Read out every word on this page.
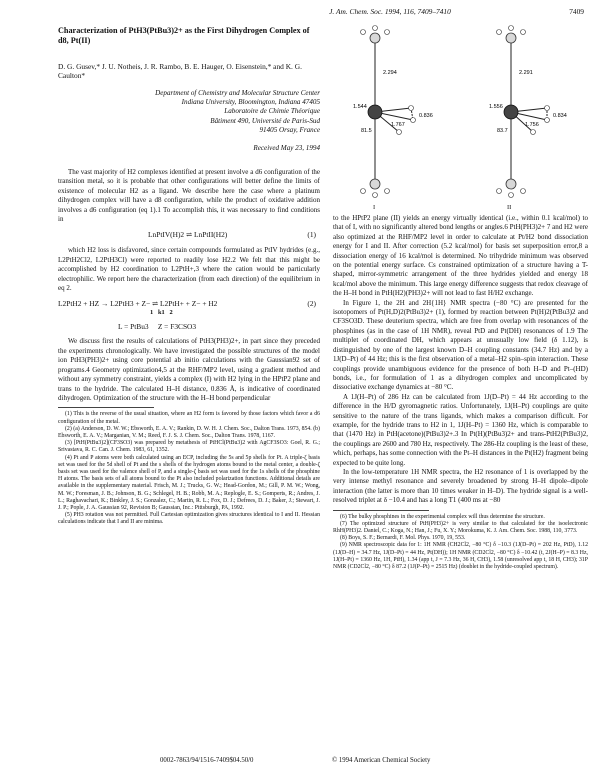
J. Am. Chem. Soc. 1994, 116, 7409–7410	7409
Characterization of PtH3(PtBu3)2+ as the First Dihydrogen Complex of d8, Pt(II)
D. G. Gusev,* J. U. Notheis, J. R. Rambo, B. E. Hauger, O. Eisenstein,* and K. G. Caulton*
Department of Chemistry and Molecular Structure Center
Indiana University, Bloomington, Indiana 47405
Laboratoire de Chimie Théorique
Bâtiment 490, Université de Paris-Sud
91405 Orsay, France
Received May 23, 1994

The vast majority of H2 complexes identified at present involve a d6 configuration of the transition metal, so it is probable that other configurations will better define the limits of existence of molecular H2 as a ligand. We describe here the case where a platinum dihydrogen complex will have a d8 configuration, while the product of oxidative addition involves a d6 configuration (eq 1).1 To accomplish this, it was necessary to find conditions in

LnPtIV(H)2 ⇌ LnPtII(H2)	(1)

which H2 loss is disfavored, since certain compounds formulated as PtIV hydrides (e.g., L2PtH2Cl2, L2PtH3Cl) were reported to readily lose H2.2 We felt that this might be accomplished by H2 coordination to L2PtH+,3 where the cation would be particularly electrophilic. We report here the characterization (from each direction) of the equilibrium in eq 2.

L2PtH2 + HZ → L2PtH3 + Z− ⇌ L2PtH+ + Z− + H2
1   k1   2
(2)
L = PtBu3     Z = F3CSO3

We discuss first the results of calculations of PtH3(PH3)2+, in part since they preceded the experiments chronologically. We have investigated the possible structures of the model ion PtH3(PH3)2+ using core potential ab initio calculations with the Gaussian92 set of programs.4 Geometry optimization4,5 at the RHF/MP2 level, using a gradient method and without any symmetry constraint, yields a complex (I) with H2 lying in the HPtP2 plane and trans to the hydride. The calculated H–H distance, 0.836 Å, is indicative of coordinated dihydrogen. Optimization of the structure with the H–H bond perpendicular

(1) This is the reverse of the usual situation, where an H2 form is favored by those factors which favor a d6 configuration of the metal.

(2) (a) Anderson, D. W. W.; Ebsworth, E. A. V.; Rankin, D. W. H. J. Chem. Soc., Dalton Trans. 1973, 854. (b) Ebsworth, E. A. V.; Marganian, V. M.; Reed, F. J. S. J. Chem. Soc., Dalton Trans. 1978, 1167.

(3) [PtH(PtBu3)2](CF3SO3) was prepared by metathesis of PtHCl(PtBu3)2 with AgCF3SO3: Goel, R. G.; Srivastava, R. C. Can. J. Chem. 1983, 61, 1352.

(4) Pt and P atoms were both calculated using an ECP, including the 5s and 5p shells for Pt. A triple-ζ basis set was used for the 5d shell of Pt and the s shells of the hydrogen atoms bound to the metal center, a double-ζ basis set was used for the valence shell of P, and a single-ζ basis set was used for the 1s shells of the phosphine H atoms. The basis sets of all atoms bound to the Pt also included polarization functions. Additional details are available in the supplementary material. Frisch, M. J.; Trucks, G. W.; Head-Gordon, M.; Gill, P. M. W.; Wong, M. W.; Foresman, J. B.; Johnson, B. G.; Schlegel, H. B.; Robb, M. A.; Replogle, E. S.; Gomperts, R.; Andres, J. L.; Raghavachari, K.; Binkley, J. S.; Gonzalez, C.; Martin, R. L.; Fox, D. J.; Defrees, D. J.; Baker, J.; Stewart, J. J. P.; Pople, J. A. Gaussian 92, Revision B; Gaussian, Inc.: Pittsburgh, PA, 1992.

(5) PH3 rotation was not permitted. Full Cartesian optimization gives structures identical to I and II. Hessian calculations indicate that I and II are minima.

2.294
1.544
0.836
1.767
81.5
2.291
1.556
0.834
1.756
83.7
I	II

to the HPtP2 plane (II) yields an energy virtually identical (i.e., within 0.1 kcal/mol) to that of I, with no significantly altered bond lengths or angles.6 PtH(PH3)2+ 7 and H2 were also optimized at the RHF/MP2 level in order to calculate at Pt/H2 bond dissociation energy for I and II. After correction (5.2 kcal/mol) for basis set superposition error,8 a dissociation energy of 16 kcal/mol is determined. No trihydride minimum was observed on the potential energy surface. Cs constrained optimization of a structure having a T-shaped, mirror-symmetric arrangement of the three hydrides yielded and energy 18 kcal/mol above the minimum. This large energy difference suggests that redox cleavage of the H–H bond in PtH(H2)(PH3)2+ will not lead to fast H/H2 exchange.

In Figure 1, the 2H and 2H{1H} NMR spectra (−80 °C) are presented for the isotopomers of Pt(H,D)2(PtBu3)2+ (1), formed by reaction between Pt(H)2(PtBu3)2 and CF3SO3D. These deuterium spectra, which are free from overlap with resonances of the phosphines (as in the case of 1H NMR), reveal PtD and Pt(DH) resonances of 1.9 The multiplet of coordinated DH, which appears at unusually low field (δ 1.12), is distinguished by one of the largest known D–H coupling constants (34.7 Hz) and by a 1J(D–Pt) of 44 Hz; this is the first observation of a metal–H2 spin–spin interaction. These couplings provide unambiguous evidence for the presence of both H–D and Pt–(HD) bonds, i.e., for formulation of 1 as a dihydrogen complex and uncomplicated by dissociative exchange dynamics at −80 °C.

A 1J(H–Pt) of 286 Hz can be calculated from 1J(D–Pt) = 44 Hz according to the difference in the H/D gyromagnetic ratios. Unfortunately, 1J(H–Pt) couplings are quite sensitive to the nature of the trans ligands, which makes a comparison difficult. For example, for the hydride trans to H2 in 1, 1J(H–Pt) = 1360 Hz, which is comparable to that (1470 Hz) in PtH(acetone)(PtBu3)2+.3 In Pt(H)(PtBu3)2+ and trans-PtH2(PtBu3)2, the couplings are 2600 and 780 Hz, respectively. The 286-Hz coupling is the least of these, which, perhaps, has some connection with the Pt–H distances in the Pt(H2) fragment being expected to be quite long.

In the low-temperature 1H NMR spectra, the H2 resonance of 1 is overlapped by the very intense methyl resonance and severely broadened by strong H–H dipole–dipole interaction (the latter is more than 10 times weaker in H–D). The hydride signal is a well-resolved triplet at δ −10.4 and has a long T1 (400 ms at −80

(6) The bulky phosphines in the experimental complex will thus determine the structure.

(7) The optimized structure of PtH(PH3)2+ is very similar to that calculated for the isoelectronic RhH(PH3)2. Daniel, C.; Koga, N.; Han, J.; Fu, X. Y.; Morokuma, K. J. Am. Chem. Soc. 1988, 110, 3773.

(8) Boys, S. F.; Bernardi, F. Mol. Phys. 1970, 19, 553.

(9) NMR spectroscopic data for 1: 1H NMR (CH2Cl2, −80 °C) δ −10.3 (1J(D–Pt) = 202 Hz, PtD), 1.12 (1J(D–H) = 34.7 Hz, 1J(D–Pt) = 44 Hz, Pt(DH)); 1H NMR (CD2Cl2, −80 °C) δ −10.42 (t, 2J(H–P) = 8.3 Hz, 1J(H–Pt) = 1360 Hz, 1H, PtH), 1.34 (app t, J = 7.3 Hz, 36 H, CH3), 1.58 (unresolved app t, 18 H, CH3); 31P NMR (CD2Cl2, −80 °C) δ 87.2 (1J(P–Pt) = 2515 Hz) (doublet in the hydride-coupled spectrum).

0002-7863/94/1516-7409$04.50/0	© 1994 American Chemical Society
